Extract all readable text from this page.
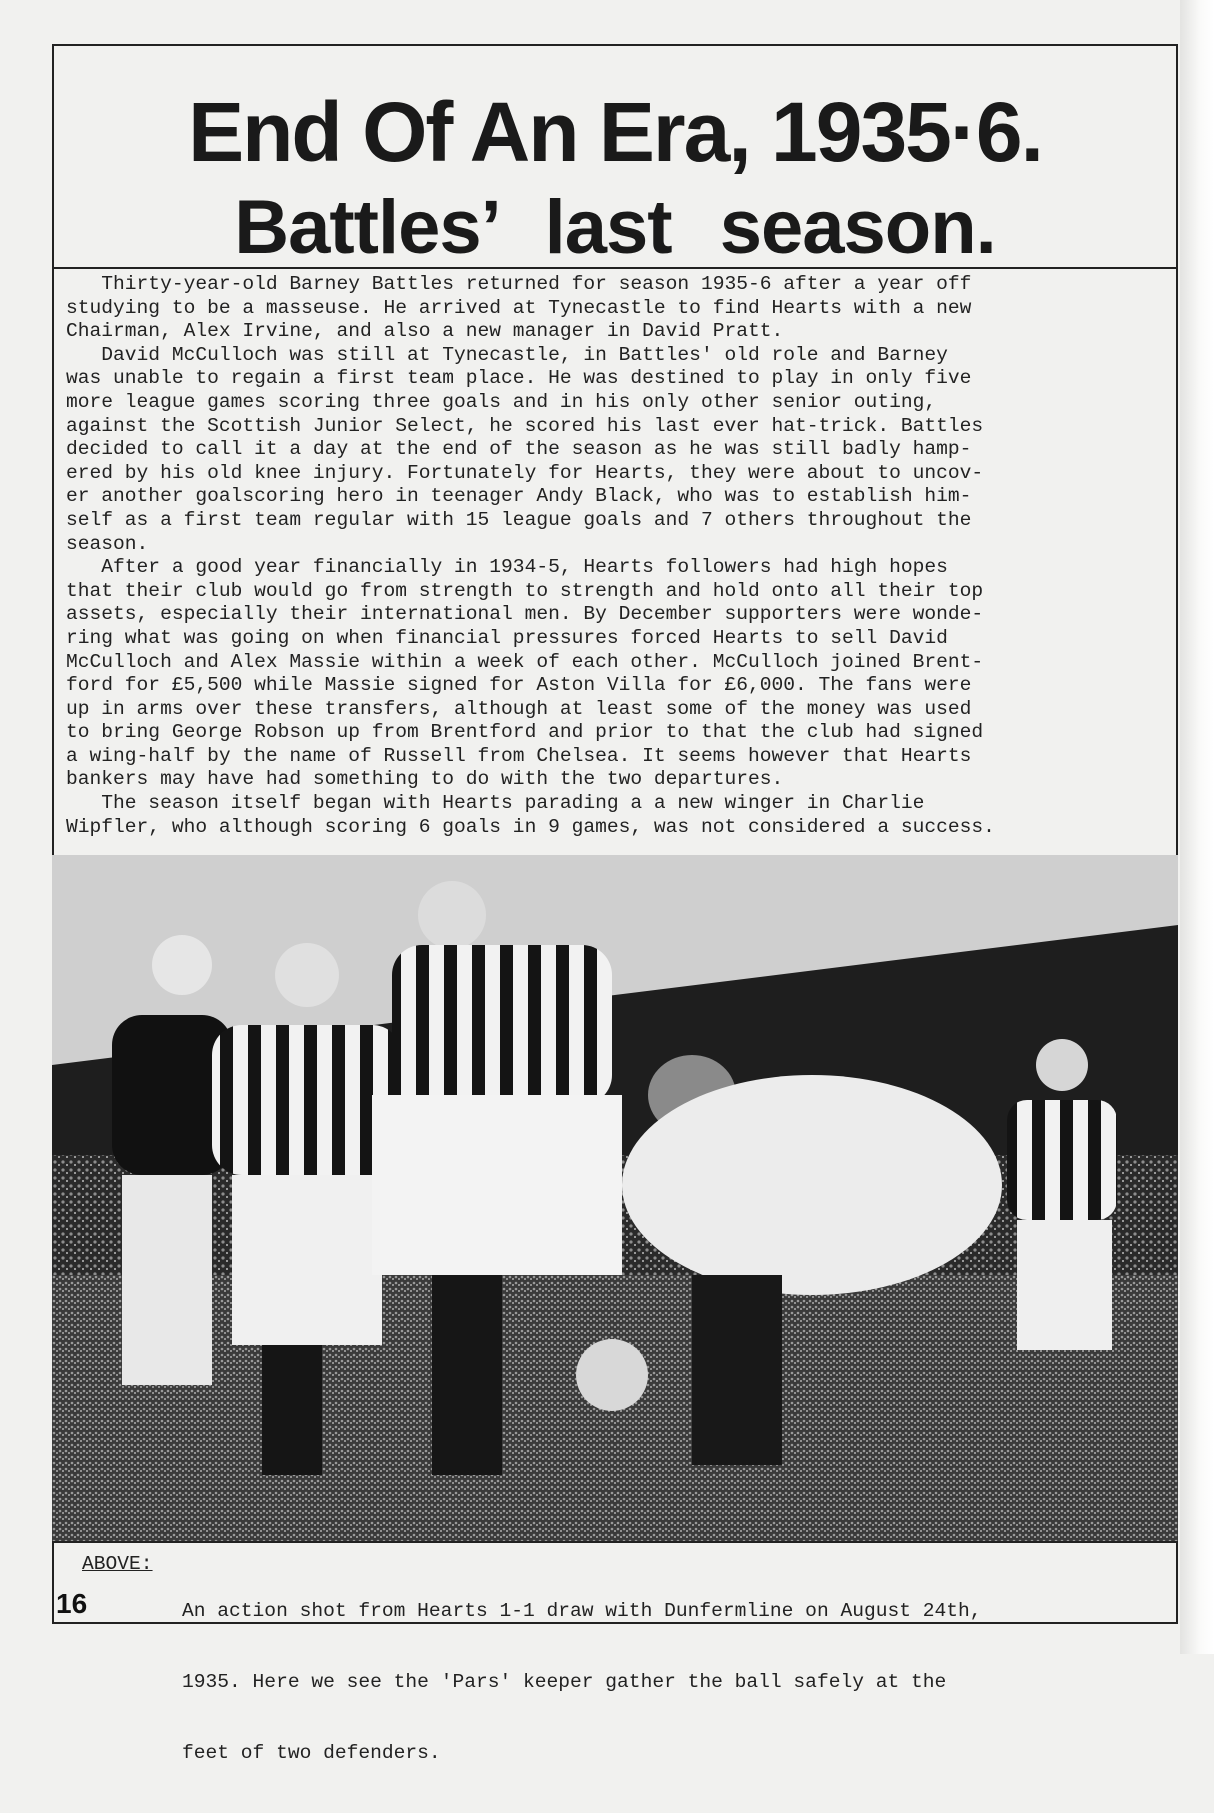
End Of An Era, 1935·6.
Battles’ last season.
Thirty-year-old Barney Battles returned for season 1935-6 after a year off
studying to be a masseuse. He arrived at Tynecastle to find Hearts with a new
Chairman, Alex Irvine, and also a new manager in David Pratt.
David McCulloch was still at Tynecastle, in Battles' old role and Barney
was unable to regain a first team place. He was destined to play in only five
more league games scoring three goals and in his only other senior outing,
against the Scottish Junior Select, he scored his last ever hat-trick. Battles
decided to call it a day at the end of the season as he was still badly hamp-
ered by his old knee injury. Fortunately for Hearts, they were about to uncov-
er another goalscoring hero in teenager Andy Black, who was to establish him-
self as a first team regular with 15 league goals and 7 others throughout the
season.
After a good year financially in 1934-5, Hearts followers had high hopes
that their club would go from strength to strength and hold onto all their top
assets, especially their international men. By December supporters were wonde-
ring what was going on when financial pressures forced Hearts to sell David
McCulloch and Alex Massie within a week of each other. McCulloch joined Brent-
ford for £5,500 while Massie signed for Aston Villa for £6,000. The fans were
up in arms over these transfers, although at least some of the money was used
to bring George Robson up from Brentford and prior to that the club had signed
a wing-half by the name of Russell from Chelsea. It seems however that Hearts
bankers may have had something to do with the two departures.
The season itself began with Hearts parading a a new winger in Charlie
Wipfler, who although scoring 6 goals in 9 games, was not considered a success.
ABOVE:

An action shot from Hearts 1-1 draw with Dunfermline on August 24th,

1935. Here we see the 'Pars' keeper gather the ball safely at the

feet of two defenders.

16
